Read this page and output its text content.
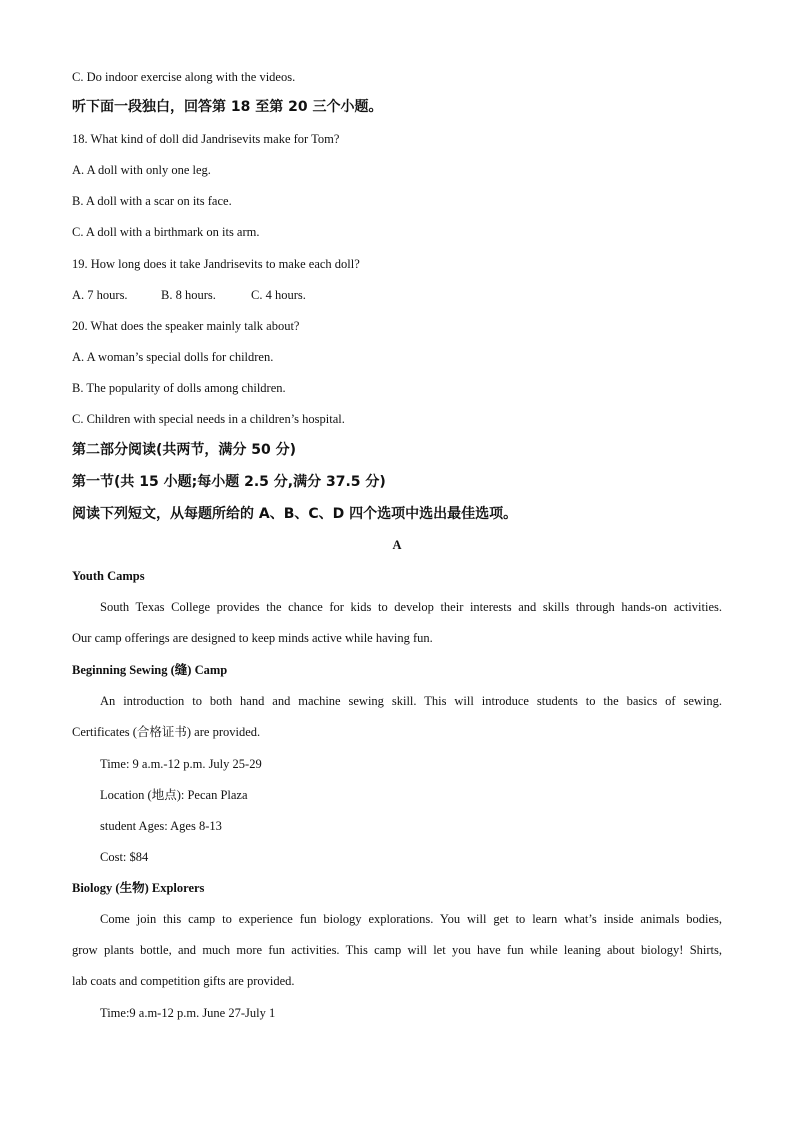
C. Do indoor exercise along with the videos.
听下面一段独白，回答第 18 至第 20 三个小题。
18. What kind of doll did Jandrisevits make for Tom?
A. A doll with only one leg.
B. A doll with a scar on its face.
C. A doll with a birthmark on its arm.
19. How long does it take Jandrisevits to make each doll?
A. 7 hours.	B. 8 hours.	C. 4 hours.
20. What does the speaker mainly talk about?
A. A woman’s special dolls for children.
B. The popularity of dolls among children.
C. Children with special needs in a children’s hospital.
第二部分阅读(共两节，满分 50 分)
第一节(共 15 小题;每小题 2.5 分,满分 37.5 分)
阅读下列短文，从每题所给的 A、B、C、D 四个选项中选出最佳选项。
A
Youth Camps
South Texas College provides the chance for kids to develop their interests and skills through hands-on activities.
Our camp offerings are designed to keep minds active while having fun.
Beginning Sewing (缝) Camp
An introduction to both hand and machine sewing skill. This will introduce students to the basics of sewing.
Certificates (合格证书) are provided.
Time: 9 a.m.-12 p.m. July 25-29
Location (地点): Pecan Plaza
student Ages: Ages 8-13
Cost: $84
Biology (生物) Explorers
Come join this camp to experience fun biology explorations. You will get to learn what’s inside animals bodies,
grow plants bottle, and much more fun activities. This camp will let you have fun while leaning about biology! Shirts,
lab coats and competition gifts are provided.
Time:9 a.m-12 p.m. June 27-July 1
